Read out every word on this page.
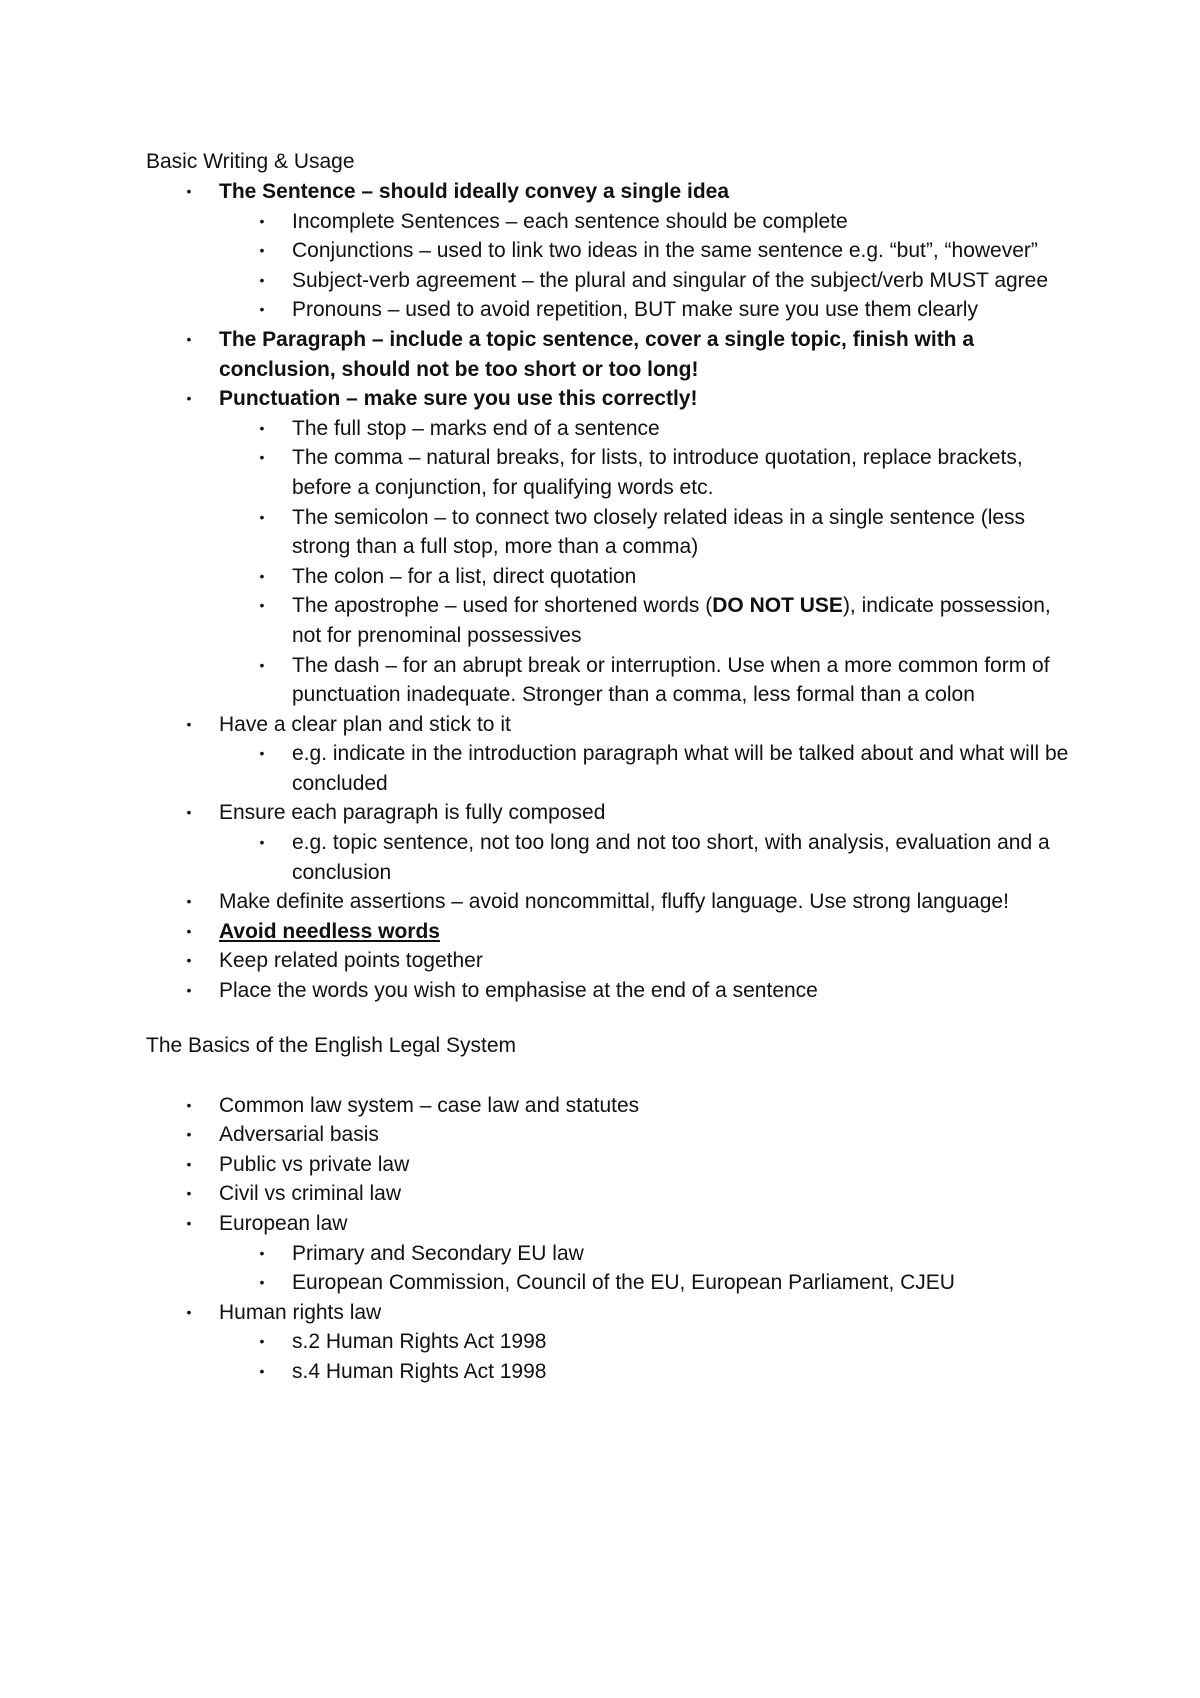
Basic Writing & Usage

• The Sentence – should ideally convey a single idea
• Incomplete Sentences – each sentence should be complete
• Conjunctions – used to link two ideas in the same sentence e.g. “but”, “however”
• Subject-verb agreement – the plural and singular of the subject/verb MUST agree
• Pronouns – used to avoid repetition, BUT make sure you use them clearly
• The Paragraph – include a topic sentence, cover a single topic, finish with a conclusion, should not be too short or too long!
• Punctuation – make sure you use this correctly!
• The full stop – marks end of a sentence
• The comma – natural breaks, for lists, to introduce quotation, replace brackets, before a conjunction, for qualifying words etc.
• The semicolon – to connect two closely related ideas in a single sentence (less strong than a full stop, more than a comma)
• The colon – for a list, direct quotation
• The apostrophe – used for shortened words (DO NOT USE), indicate possession, not for prenominal possessives
• The dash – for an abrupt break or interruption. Use when a more common form of punctuation inadequate. Stronger than a comma, less formal than a colon
• Have a clear plan and stick to it
• e.g. indicate in the introduction paragraph what will be talked about and what will be concluded
• Ensure each paragraph is fully composed
• e.g. topic sentence, not too long and not too short, with analysis, evaluation and a conclusion
• Make definite assertions – avoid noncommittal, fluffy language. Use strong language!
• Avoid needless words
• Keep related points together
• Place the words you wish to emphasise at the end of a sentence

The Basics of the English Legal System

• Common law system – case law and statutes
• Adversarial basis
• Public vs private law
• Civil vs criminal law
• European law
• Primary and Secondary EU law
• European Commission, Council of the EU, European Parliament, CJEU
• Human rights law
• s.2 Human Rights Act 1998
• s.4 Human Rights Act 1998
